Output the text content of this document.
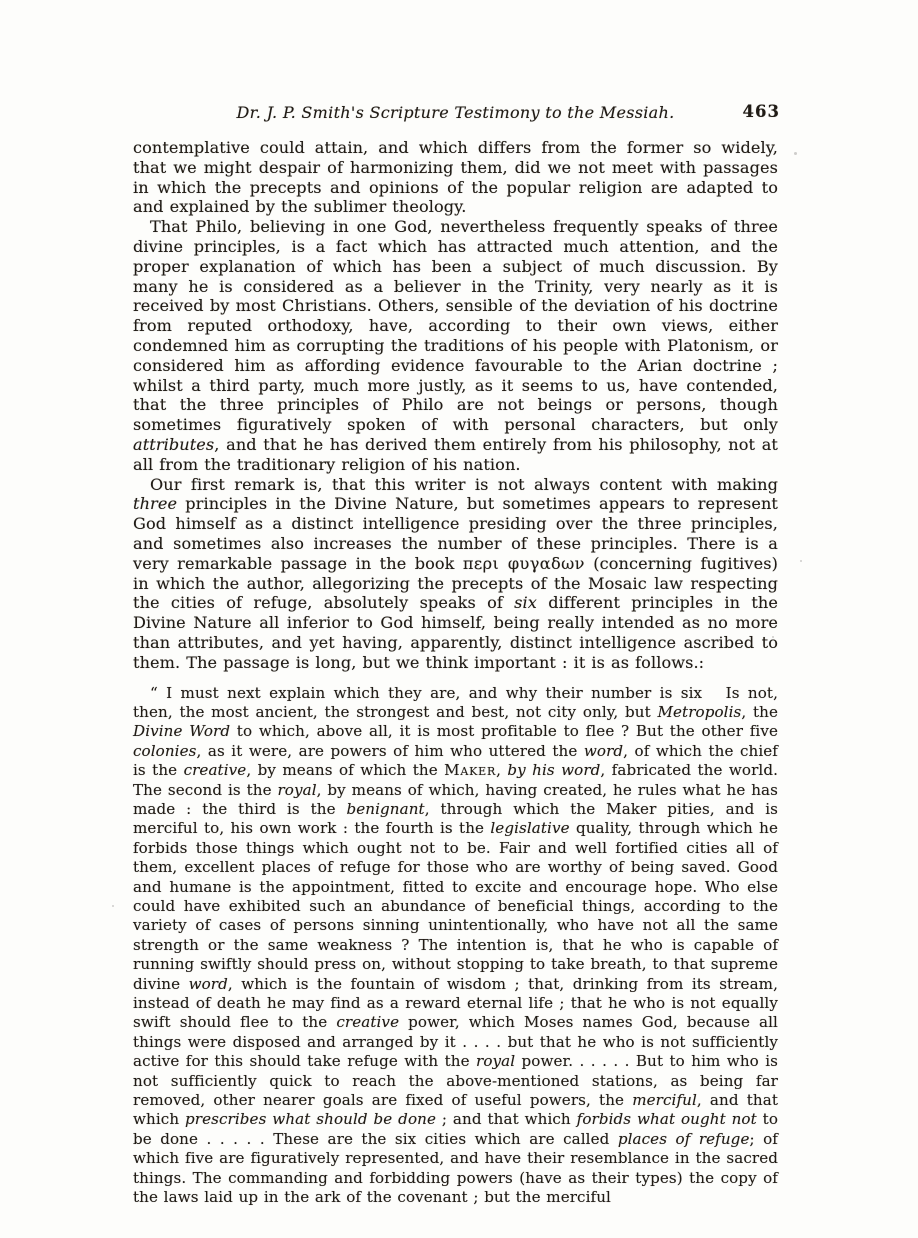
Dr. J. P. Smith's Scripture Testimony to the Messiah.	463

contemplative could attain, and which differs from the former so widely, that we might despair of harmonizing them, did we not meet with passages in which the precepts and opinions of the popular religion are adapted to and explained by the sublimer theology.

That Philo, believing in one God, nevertheless frequently speaks of three divine principles, is a fact which has attracted much attention, and the proper explanation of which has been a subject of much discussion. By many he is considered as a believer in the Trinity, very nearly as it is received by most Christians. Others, sensible of the deviation of his doctrine from reputed orthodoxy, have, according to their own views, either condemned him as corrupting the traditions of his people with Platonism, or considered him as affording evidence favourable to the Arian doctrine ; whilst a third party, much more justly, as it seems to us, have contended, that the three principles of Philo are not beings or persons, though sometimes figuratively spoken of with personal characters, but only attributes, and that he has derived them entirely from his philosophy, not at all from the traditionary religion of his nation.

Our first remark is, that this writer is not always content with making three principles in the Divine Nature, but sometimes appears to represent God himself as a distinct intelligence presiding over the three principles, and sometimes also increases the number of these principles. There is a very remarkable passage in the book περι φυγαδων (concerning fugitives) in which the author, allegorizing the precepts of the Mosaic law respecting the cities of refuge, absolutely speaks of six different principles in the Divine Nature all inferior to God himself, being really intended as no more than attributes, and yet having, apparently, distinct intelligence ascribed to them. The passage is long, but we think important : it is as follows.:

“ I must next explain which they are, and why their number is six  Is not, then, the most ancient, the strongest and best, not city only, but Metropolis, the Divine Word to which, above all, it is most profitable to flee ? But the other five colonies, as it were, are powers of him who uttered the word, of which the chief is the creative, by means of which the Maker, by his word, fabricated the world. The second is the royal, by means of which, having created, he rules what he has made : the third is the benignant, through which the Maker pities, and is merciful to, his own work : the fourth is the legislative quality, through which he forbids those things which ought not to be. Fair and well fortified cities all of them, excellent places of refuge for those who are worthy of being saved. Good and humane is the appointment, fitted to excite and encourage hope. Who else could have exhibited such an abundance of beneficial things, according to the variety of cases of persons sinning unintentionally, who have not all the same strength or the same weakness ? The intention is, that he who is capable of running swiftly should press on, without stopping to take breath, to that supreme divine word, which is the fountain of wisdom ; that, drinking from its stream, instead of death he may find as a reward eternal life ; that he who is not equally swift should flee to the creative power, which Moses names God, because all things were disposed and arranged by it . . . . but that he who is not sufficiently active for this should take refuge with the royal power. . . . . . But to him who is not sufficiently quick to reach the above-mentioned stations, as being far removed, other nearer goals are fixed of useful powers, the merciful, and that which prescribes what should be done ; and that which forbids what ought not to be done . . . . . These are the six cities which are called places of refuge; of which five are figuratively represented, and have their resemblance in the sacred things. The commanding and forbidding powers (have as their types) the copy of the laws laid up in the ark of the covenant ; but the merciful
